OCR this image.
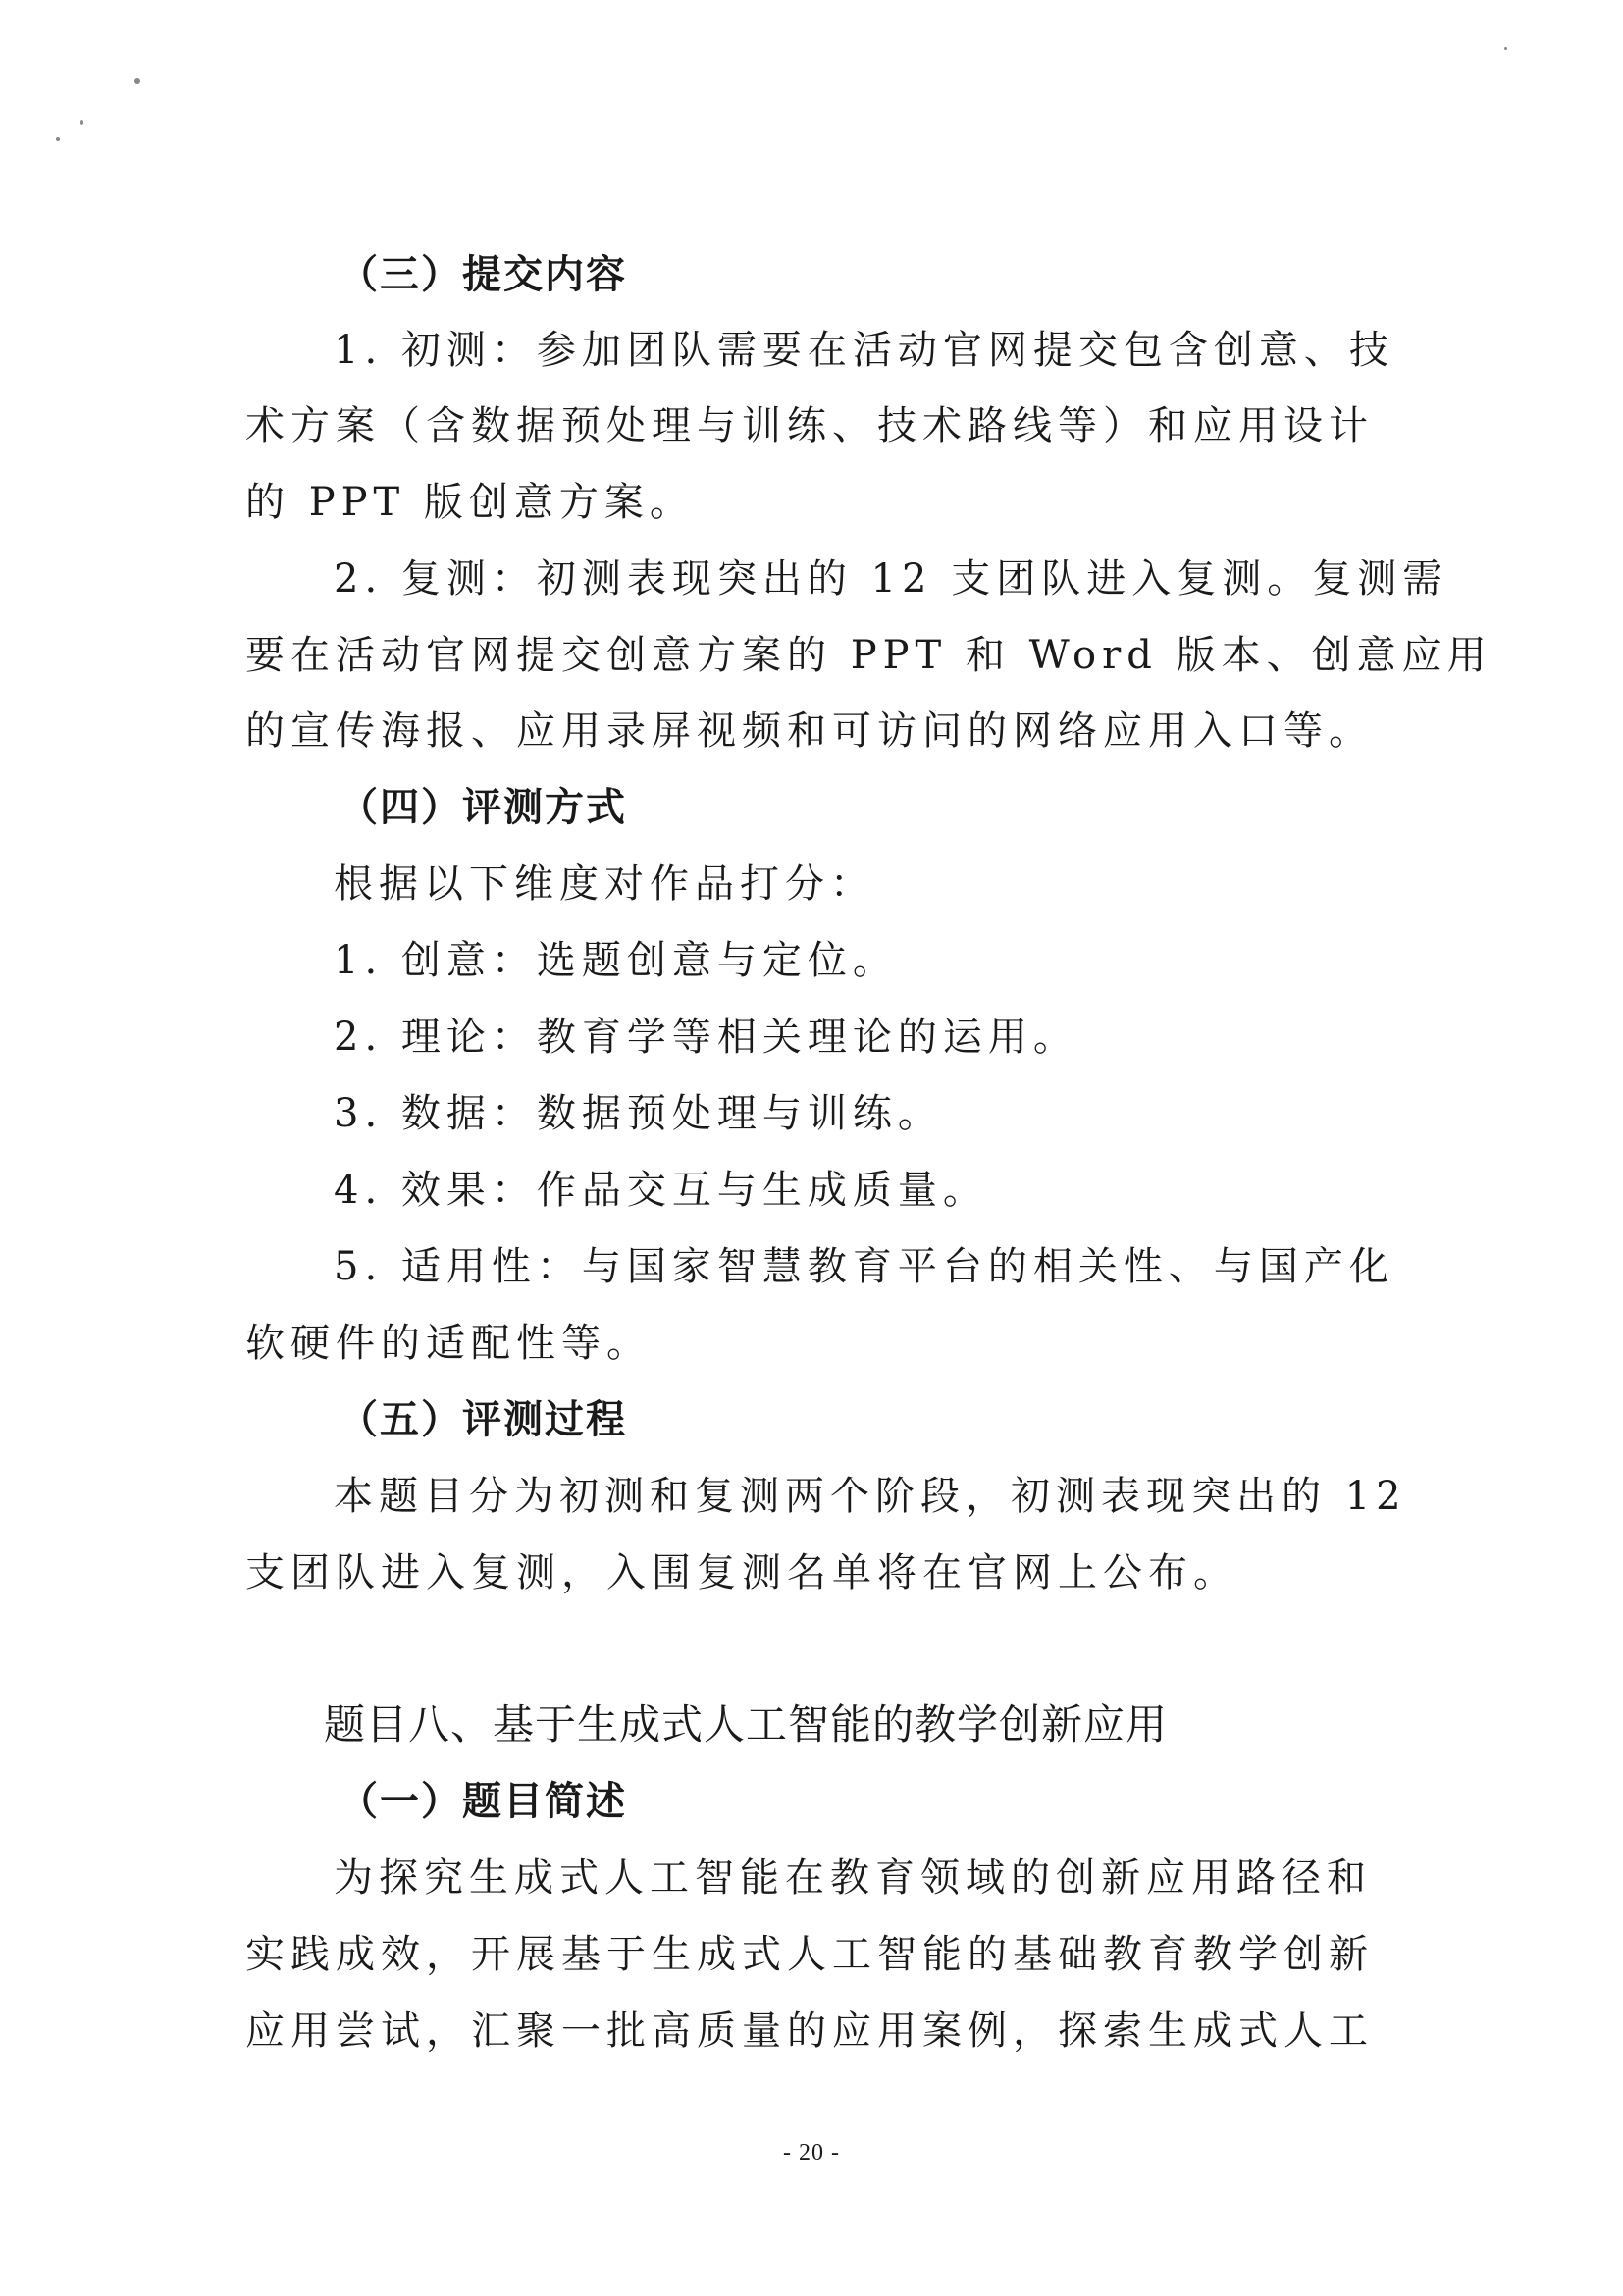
（三）提交内容
1. 初测：参加团队需要在活动官网提交包含创意、技
术方案（含数据预处理与训练、技术路线等）和应用设计
的 PPT 版创意方案。
2. 复测：初测表现突出的 12 支团队进入复测。复测需
要在活动官网提交创意方案的 PPT 和 Word 版本、创意应用
的宣传海报、应用录屏视频和可访问的网络应用入口等。
（四）评测方式
根据以下维度对作品打分：
1. 创意：选题创意与定位。
2. 理论：教育学等相关理论的运用。
3. 数据：数据预处理与训练。
4. 效果：作品交互与生成质量。
5. 适用性：与国家智慧教育平台的相关性、与国产化
软硬件的适配性等。
（五）评测过程
本题目分为初测和复测两个阶段，初测表现突出的 12
支团队进入复测，入围复测名单将在官网上公布。
题目八、基于生成式人工智能的教学创新应用
（一）题目简述
为探究生成式人工智能在教育领域的创新应用路径和
实践成效，开展基于生成式人工智能的基础教育教学创新
应用尝试，汇聚一批高质量的应用案例，探索生成式人工
- 20 -
